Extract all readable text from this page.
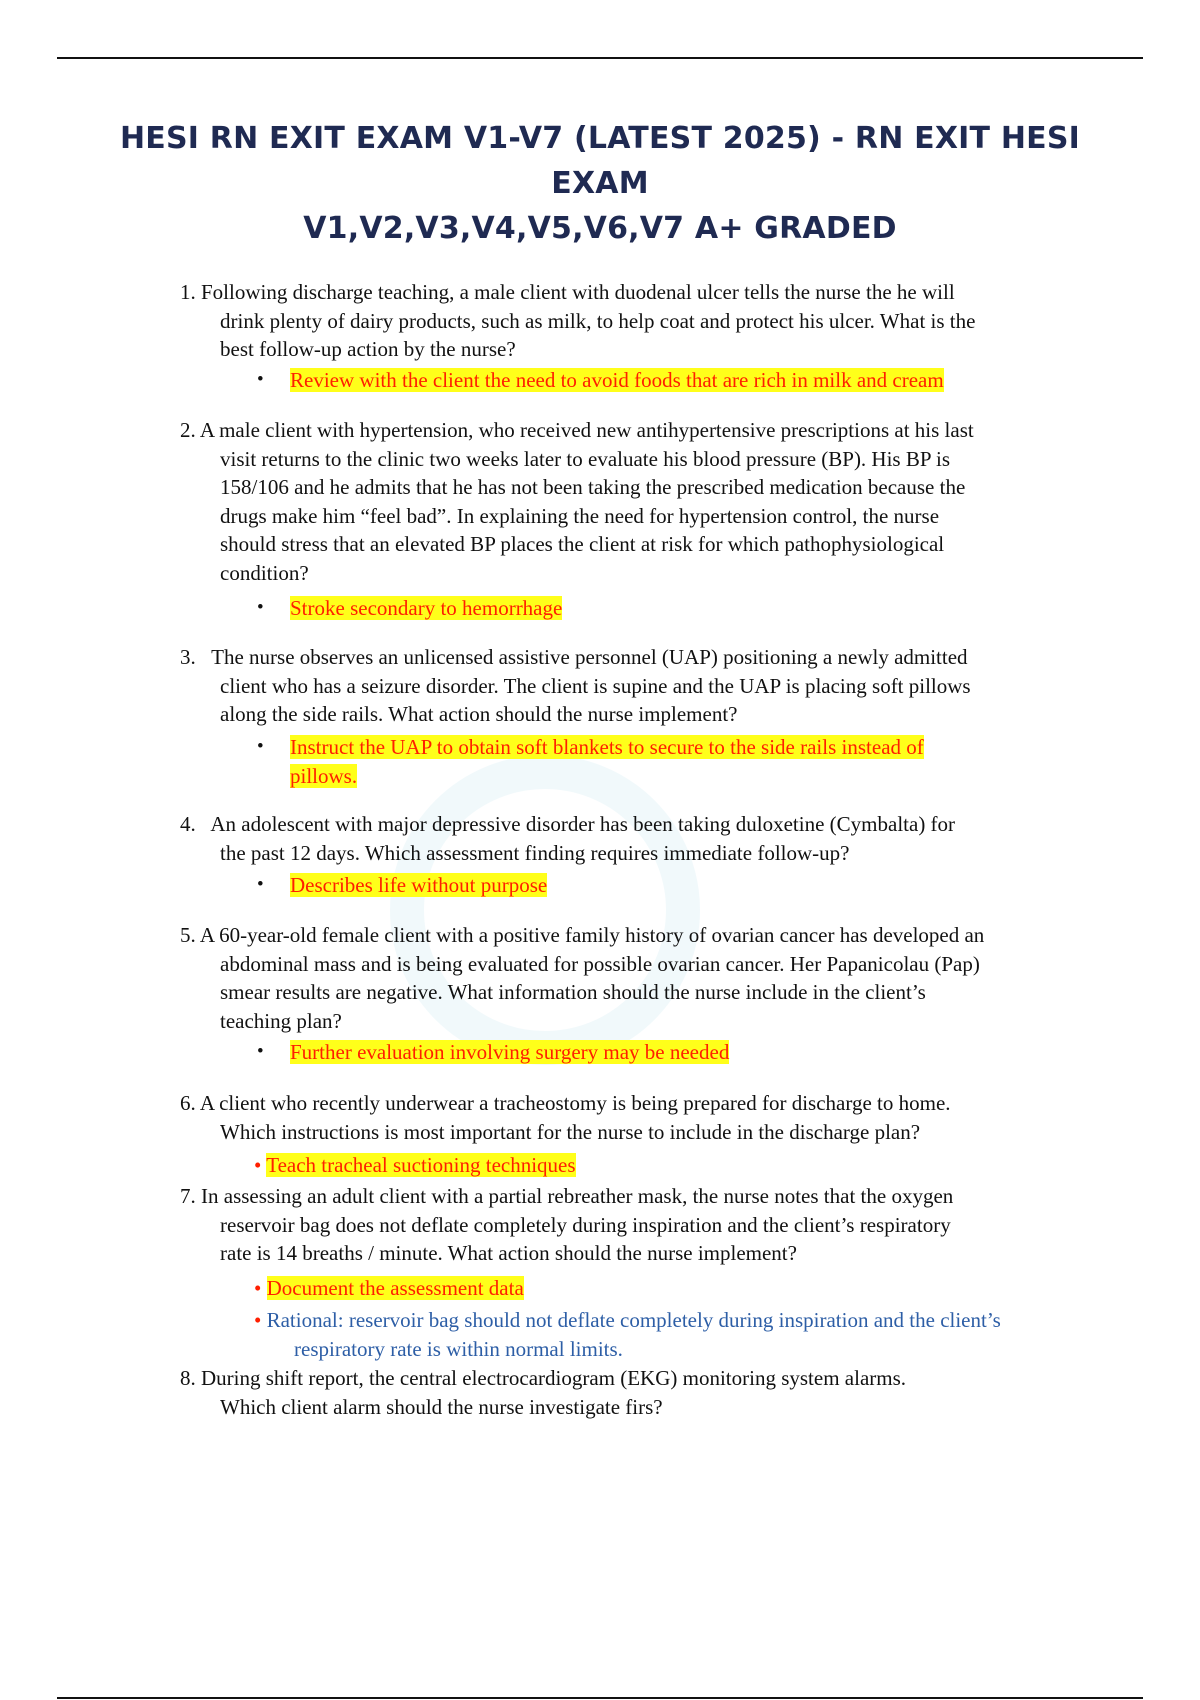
HESI RN EXIT EXAM V1-V7 (LATEST 2025) - RN EXIT HESI EXAM
V1,V2,V3,V4,V5,V6,V7 A+ GRADED
1. Following discharge teaching, a male client with duodenal ulcer tells the nurse the he will
drink plenty of dairy products, such as milk, to help coat and protect his ulcer. What is the
best follow-up action by the nurse?
• Review with the client the need to avoid foods that are rich in milk and cream
2. A male client with hypertension, who received new antihypertensive prescriptions at his last
visit returns to the clinic two weeks later to evaluate his blood pressure (BP). His BP is
158/106 and he admits that he has not been taking the prescribed medication because the
drugs make him “feel bad”. In explaining the need for hypertension control, the nurse
should stress that an elevated BP places the client at risk for which pathophysiological
condition?
• Stroke secondary to hemorrhage
3. The nurse observes an unlicensed assistive personnel (UAP) positioning a newly admitted
client who has a seizure disorder. The client is supine and the UAP is placing soft pillows
along the side rails. What action should the nurse implement?
• Instruct the UAP to obtain soft blankets to secure to the side rails instead of
pillows.
4. An adolescent with major depressive disorder has been taking duloxetine (Cymbalta) for
the past 12 days. Which assessment finding requires immediate follow-up?
• Describes life without purpose
5. A 60-year-old female client with a positive family history of ovarian cancer has developed an
abdominal mass and is being evaluated for possible ovarian cancer. Her Papanicolau (Pap)
smear results are negative. What information should the nurse include in the client’s
teaching plan?
• Further evaluation involving surgery may be needed
6. A client who recently underwear a tracheostomy is being prepared for discharge to home.
Which instructions is most important for the nurse to include in the discharge plan?
• Teach tracheal suctioning techniques
7. In assessing an adult client with a partial rebreather mask, the nurse notes that the oxygen
reservoir bag does not deflate completely during inspiration and the client’s respiratory
rate is 14 breaths / minute. What action should the nurse implement?
• Document the assessment data
• Rational: reservoir bag should not deflate completely during inspiration and the client’s
respiratory rate is within normal limits.
8. During shift report, the central electrocardiogram (EKG) monitoring system alarms.
Which client alarm should the nurse investigate firs?
